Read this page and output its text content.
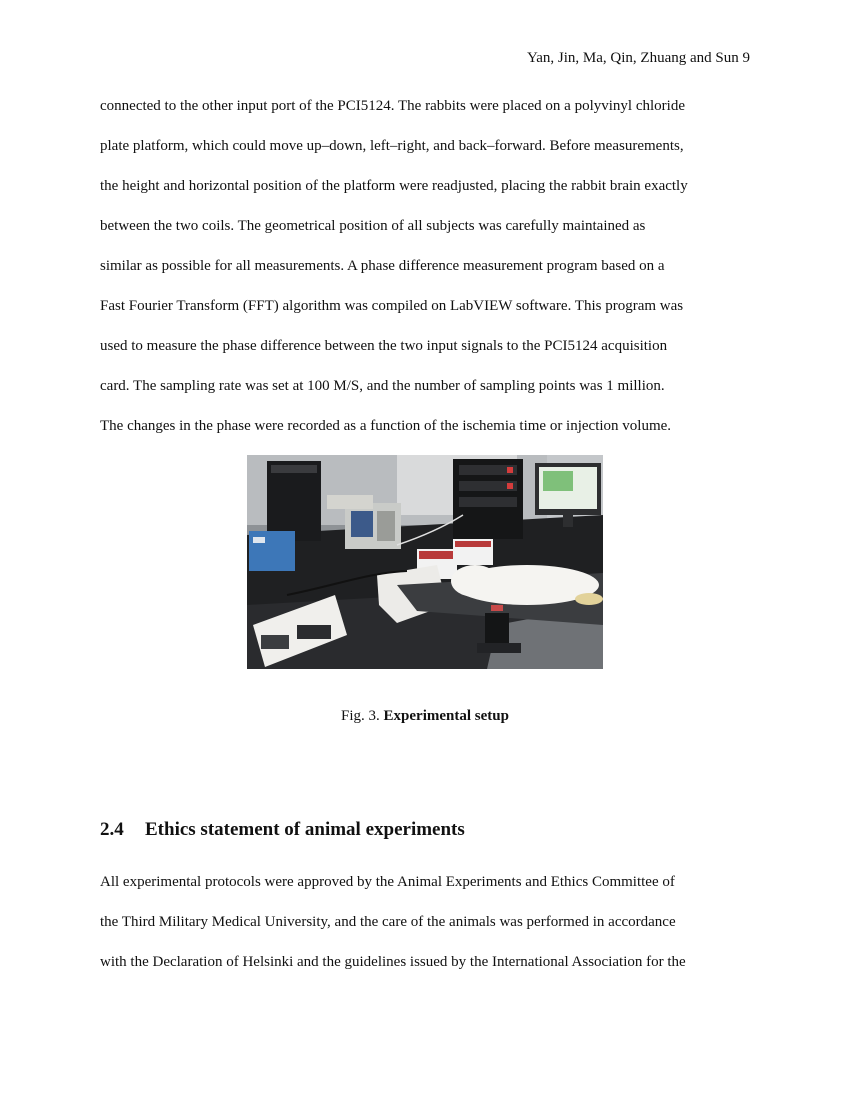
Yan, Jin, Ma, Qin, Zhuang and Sun 9

connected to the other input port of the PCI5124. The rabbits were placed on a polyvinyl chloride
plate platform, which could move up–down, left–right, and back–forward. Before measurements,
the height and horizontal position of the platform were readjusted, placing the rabbit brain exactly
between the two coils. The geometrical position of all subjects was carefully maintained as
similar as possible for all measurements. A phase difference measurement program based on a
Fast Fourier Transform (FFT) algorithm was compiled on LabVIEW software. This program was
used to measure the phase difference between the two input signals to the PCI5124 acquisition
card. The sampling rate was set at 100 M/S, and the number of sampling points was 1 million.
The changes in the phase were recorded as a function of the ischemia time or injection volume.

Fig. 3. Experimental setup
2.4 Ethics statement of animal experiments

All experimental protocols were approved by the Animal Experiments and Ethics Committee of
the Third Military Medical University, and the care of the animals was performed in accordance
with the Declaration of Helsinki and the guidelines issued by the International Association for the
